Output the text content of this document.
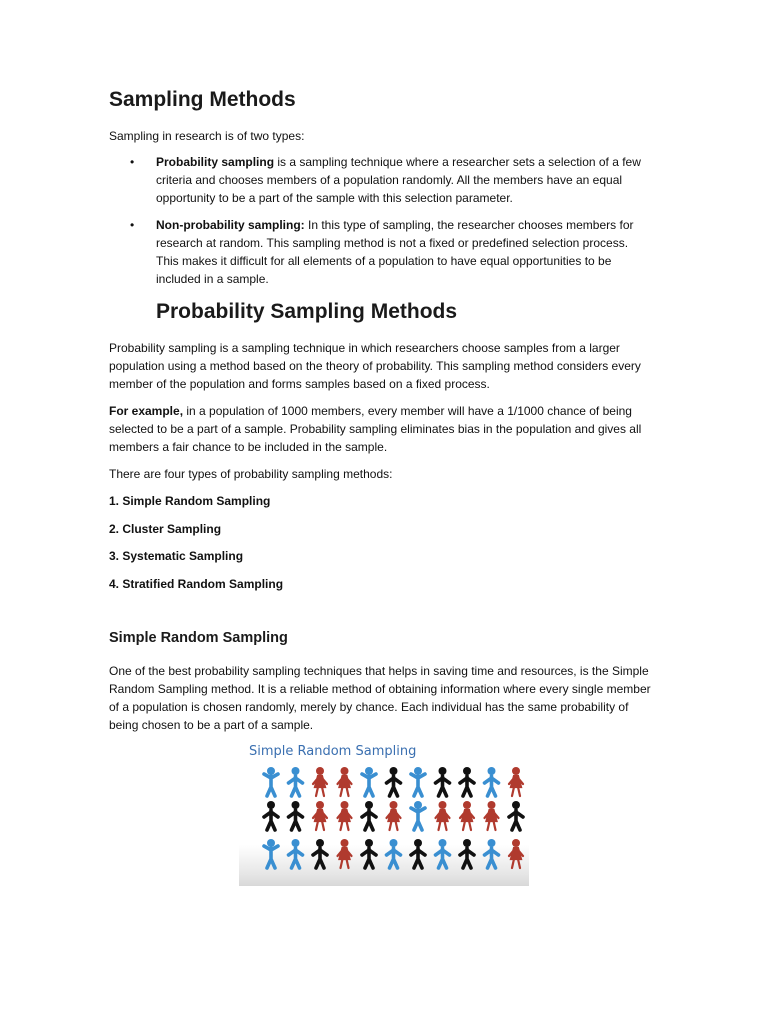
Sampling Methods

Sampling in research is of two types:

• Probability sampling is a sampling technique where a researcher sets a selection of a few criteria and chooses members of a population randomly. All the members have an equal opportunity to be a part of the sample with this selection parameter.
• Non-probability sampling: In this type of sampling, the researcher chooses members for research at random. This sampling method is not a fixed or predefined selection process. This makes it difficult for all elements of a population to have equal opportunities to be included in a sample.
Probability Sampling Methods

Probability sampling is a sampling technique in which researchers choose samples from a larger population using a method based on the theory of probability. This sampling method considers every member of the population and forms samples based on a fixed process.

For example, in a population of 1000 members, every member will have a 1/1000 chance of being selected to be a part of a sample. Probability sampling eliminates bias in the population and gives all members a fair chance to be included in the sample.

There are four types of probability sampling methods:

1. Simple Random Sampling

2. Cluster Sampling

3. Systematic Sampling

4. Stratified Random Sampling

Simple Random Sampling

One of the best probability sampling techniques that helps in saving time and resources, is the Simple Random Sampling method. It is a reliable method of obtaining information where every single member of a population is chosen randomly, merely by chance. Each individual has the same probability of being chosen to be a part of a sample.

Simple Random Sampling
